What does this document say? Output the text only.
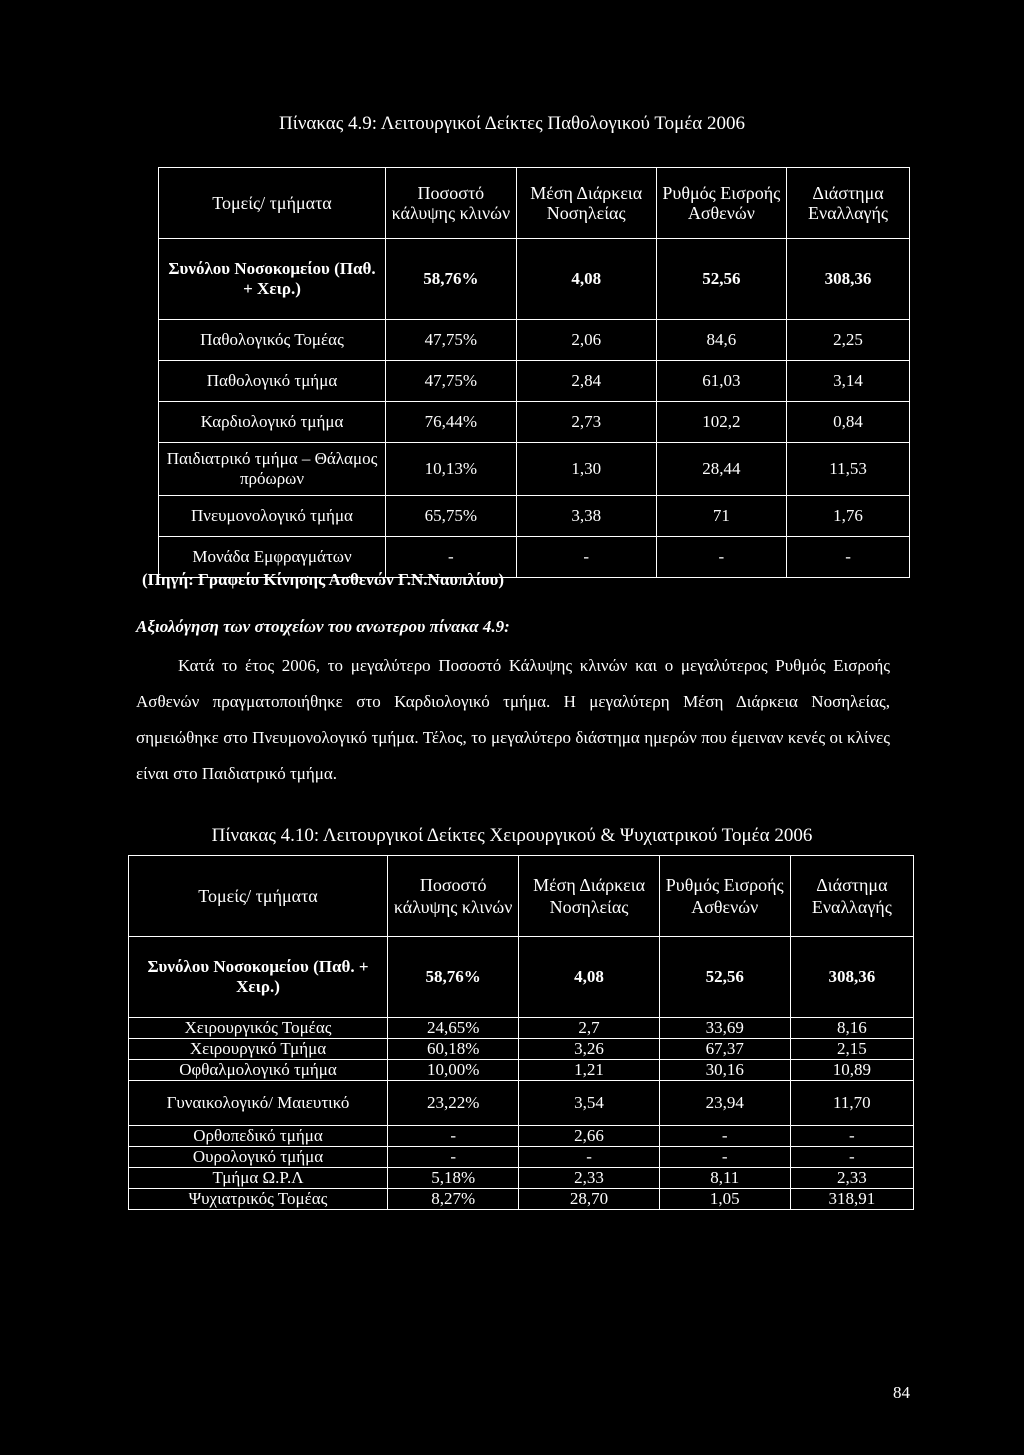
Πίνακας 4.9: Λειτουργικοί Δείκτες Παθολογικού Τομέα 2006
Τομείς/ τμήματα	Ποσοστό κάλυψης κλινών	Μέση Διάρκεια Νοσηλείας	Ρυθμός Εισροής Ασθενών	Διάστημα Εναλλαγής
Συνόλου Νοσοκομείου (Παθ. + Χειρ.)	58,76%	4,08	52,56	308,36
Παθολογικός Τομέας	47,75%	2,06	84,6	2,25
Παθολογικό τμήμα	47,75%	2,84	61,03	3,14
Καρδιολογικό τμήμα	76,44%	2,73	102,2	0,84
Παιδιατρικό τμήμα – Θάλαμος πρόωρων	10,13%	1,30	28,44	11,53
Πνευμονολογικό τμήμα	65,75%	3,38	71	1,76
Μονάδα Εμφραγμάτων	-	-	-	-
(Πηγή: Γραφείο Κίνησης Ασθενών Γ.Ν.Ναυπλίου)
Αξιολόγηση των στοιχείων του ανωτερου πίνακα 4.9:
Κατά το έτος 2006, το μεγαλύτερο Ποσοστό Κάλυψης κλινών και ο μεγαλύτερος Ρυθμός Εισροής Ασθενών πραγματοποιήθηκε στο Καρδιολογικό τμήμα. Η μεγαλύτερη Μέση Διάρκεια Νοσηλείας, σημειώθηκε στο Πνευμονολογικό τμήμα. Τέλος, το μεγαλύτερο διάστημα ημερών που έμειναν κενές οι κλίνες είναι στο Παιδιατρικό τμήμα.
Πίνακας 4.10: Λειτουργικοί Δείκτες Χειρουργικού & Ψυχιατρικού Τομέα 2006
Τομείς/ τμήματα	Ποσοστό κάλυψης κλινών	Μέση Διάρκεια Νοσηλείας	Ρυθμός Εισροής Ασθενών	Διάστημα Εναλλαγής
Συνόλου Νοσοκομείου (Παθ. + Χειρ.)	58,76%	4,08	52,56	308,36
Χειρουργικός Τομέας	24,65%	2,7	33,69	8,16
Χειρουργικό Τμήμα	60,18%	3,26	67,37	2,15
Οφθαλμολογικό τμήμα	10,00%	1,21	30,16	10,89
Γυναικολογικό/ Μαιευτικό	23,22%	3,54	23,94	11,70
Ορθοπεδικό τμήμα	-	2,66	-	-
Ουρολογικό τμήμα	-	-	-	-
Τμήμα Ω.Ρ.Λ	5,18%	2,33	8,11	2,33
Ψυχιατρικός Τομέας	8,27%	28,70	1,05	318,91
84
